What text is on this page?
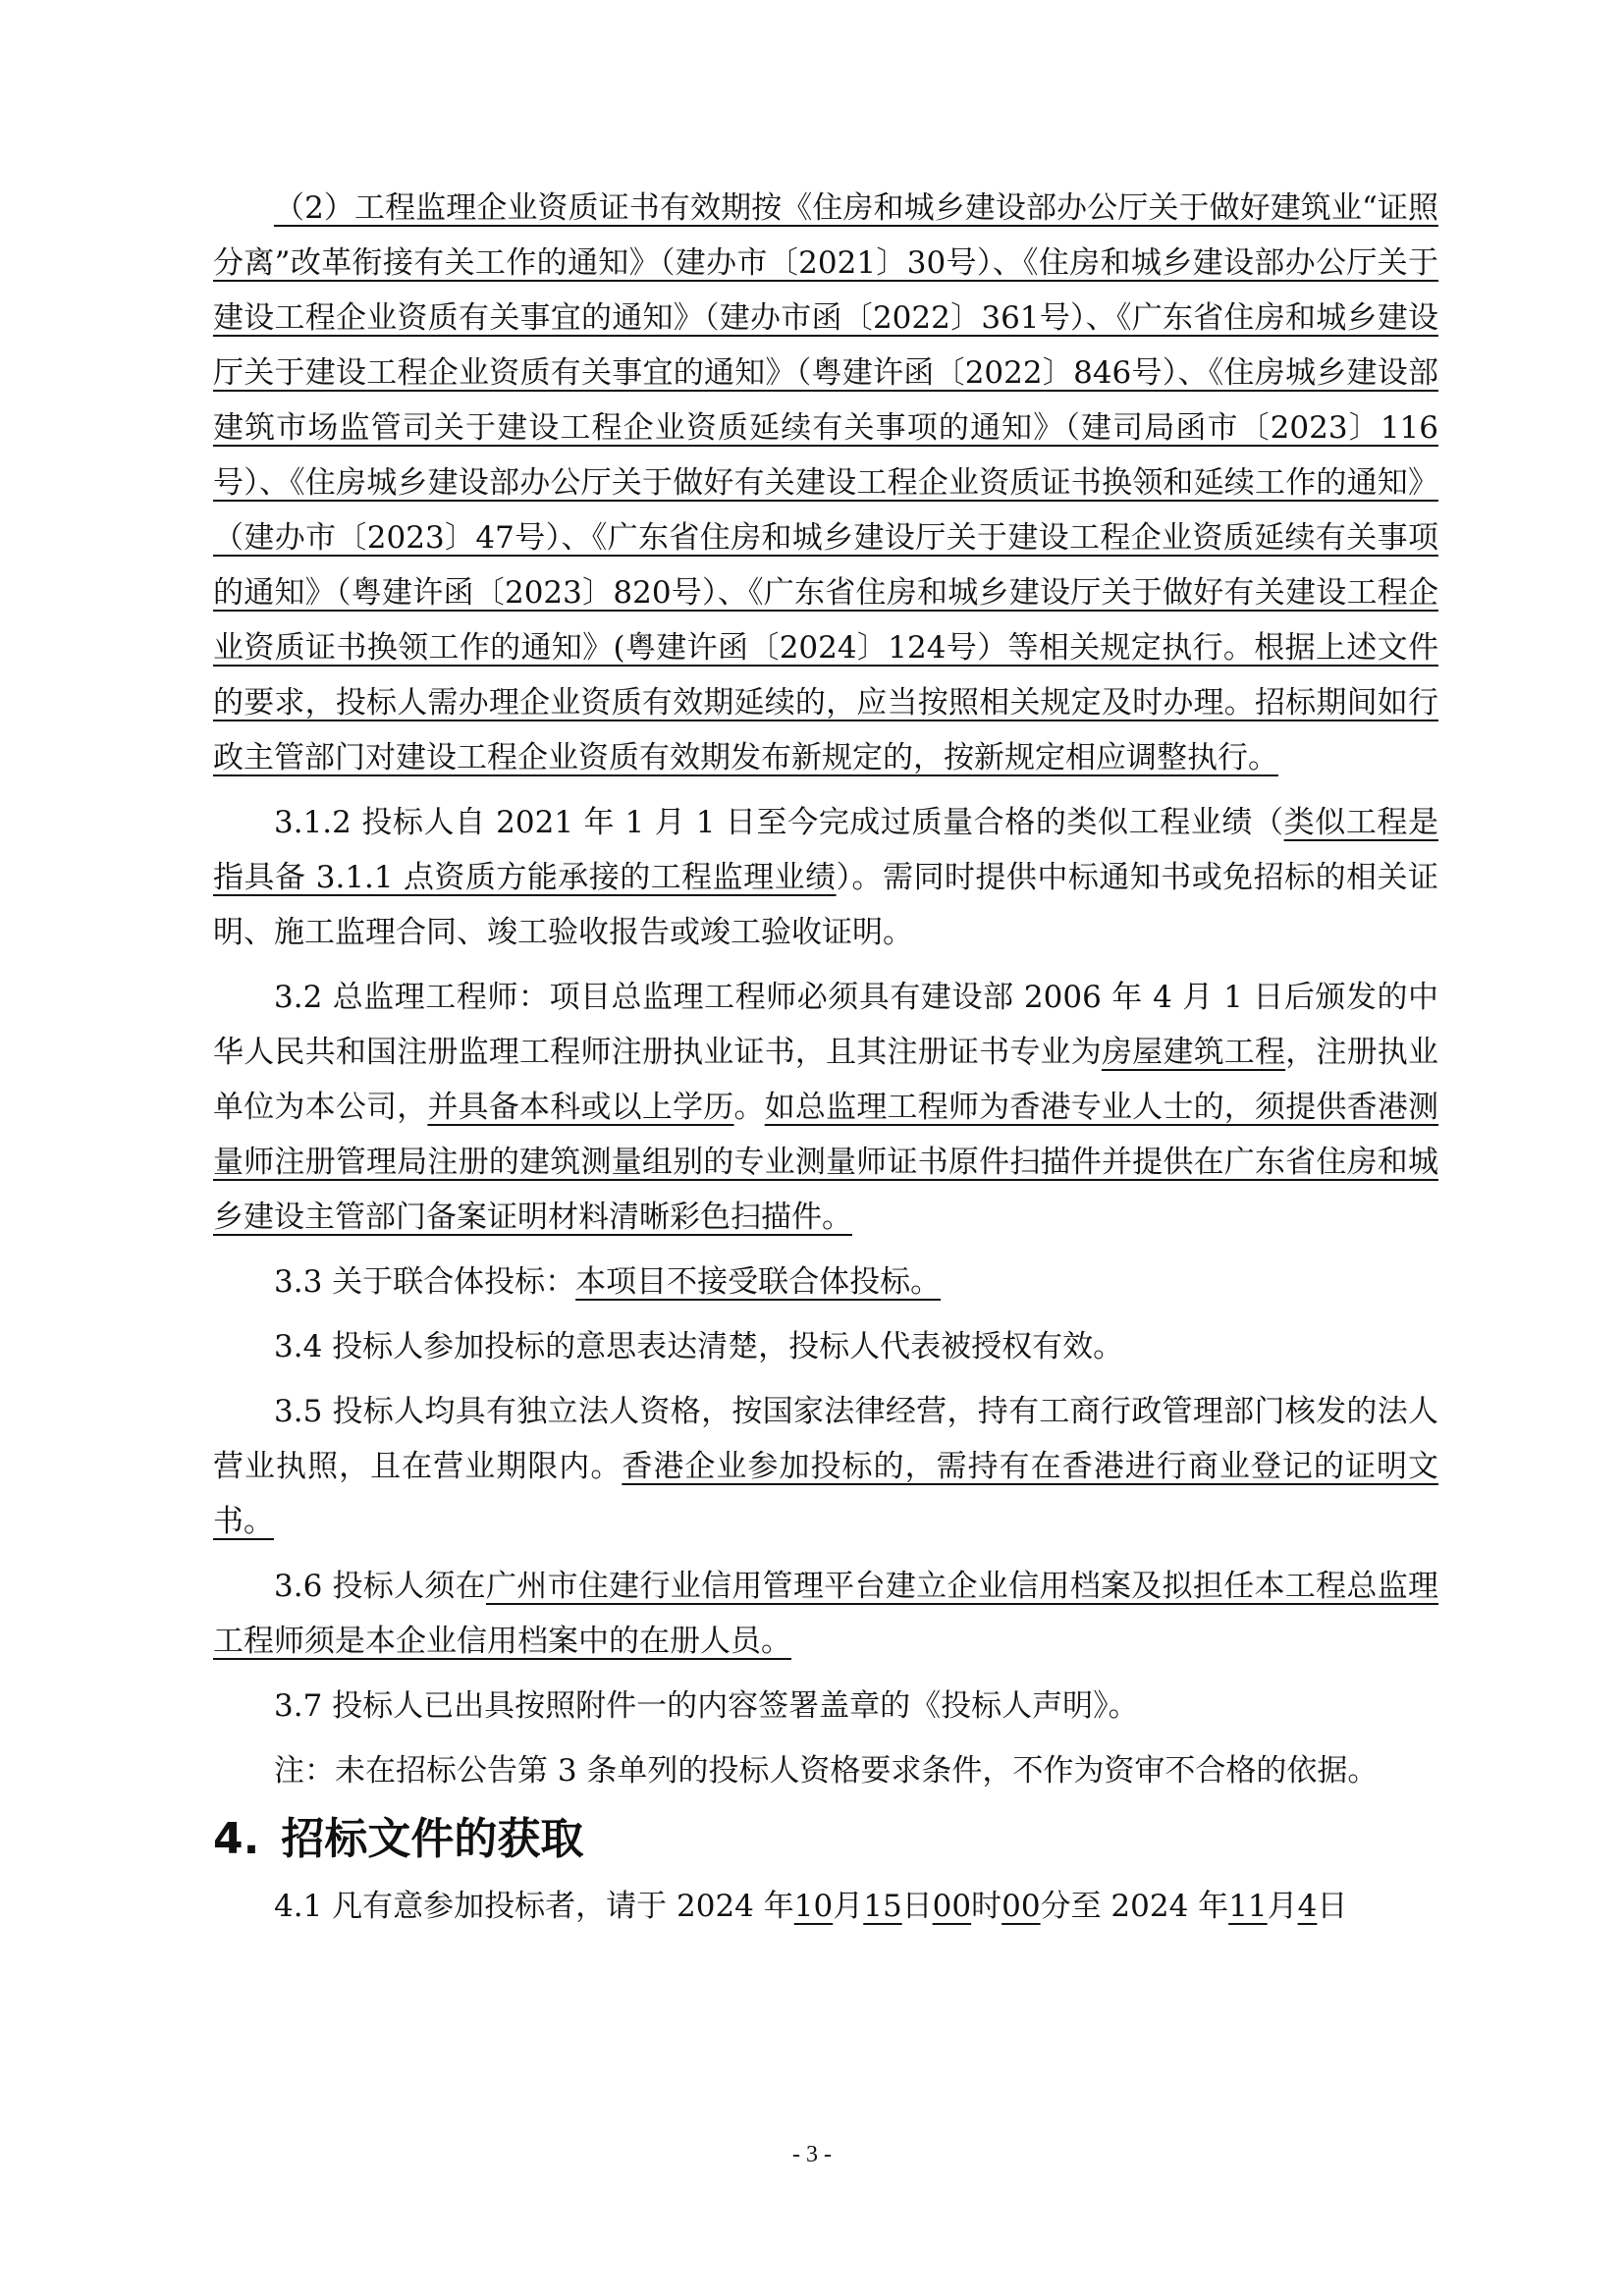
（2）工程监理企业资质证书有效期按《住房和城乡建设部办公厅关于做好建筑业“证照分离”改革衔接有关工作的通知》（建办市〔2021〕30号）、《住房和城乡建设部办公厅关于建设工程企业资质有关事宜的通知》（建办市函〔2022〕361号）、《广东省住房和城乡建设厅关于建设工程企业资质有关事宜的通知》（粤建许函〔2022〕846号）、《住房城乡建设部建筑市场监管司关于建设工程企业资质延续有关事项的通知》（建司局函市〔2023〕116号）、《住房城乡建设部办公厅关于做好有关建设工程企业资质证书换领和延续工作的通知》（建办市〔2023〕47号）、《广东省住房和城乡建设厅关于建设工程企业资质延续有关事项的通知》（粤建许函〔2023〕820号）、《广东省住房和城乡建设厅关于做好有关建设工程企业资质证书换领工作的通知》(粤建许函〔2024〕124号）等相关规定执行。根据上述文件的要求，投标人需办理企业资质有效期延续的，应当按照相关规定及时办理。招标期间如行政主管部门对建设工程企业资质有效期发布新规定的，按新规定相应调整执行。

3.1.2 投标人自 2021 年 1 月 1 日至今完成过质量合格的类似工程业绩（类似工程是指具备 3.1.1 点资质方能承接的工程监理业绩）。需同时提供中标通知书或免招标的相关证明、施工监理合同、竣工验收报告或竣工验收证明。

3.2 总监理工程师：项目总监理工程师必须具有建设部 2006 年 4 月 1 日后颁发的中华人民共和国注册监理工程师注册执业证书，且其注册证书专业为房屋建筑工程，注册执业单位为本公司，并具备本科或以上学历。如总监理工程师为香港专业人士的，须提供香港测量师注册管理局注册的建筑测量组别的专业测量师证书原件扫描件并提供在广东省住房和城乡建设主管部门备案证明材料清晰彩色扫描件。

3.3 关于联合体投标：本项目不接受联合体投标。

3.4 投标人参加投标的意思表达清楚，投标人代表被授权有效。

3.5 投标人均具有独立法人资格，按国家法律经营，持有工商行政管理部门核发的法人营业执照，且在营业期限内。香港企业参加投标的，需持有在香港进行商业登记的证明文书。

3.6 投标人须在广州市住建行业信用管理平台建立企业信用档案及拟担任本工程总监理工程师须是本企业信用档案中的在册人员。

3.7 投标人已出具按照附件一的内容签署盖章的《投标人声明》。

注：未在招标公告第 3 条单列的投标人资格要求条件，不作为资审不合格的依据。

4. 招标文件的获取

4.1 凡有意参加投标者，请于 2024 年10月15日00时00分至 2024 年11月4日

- 3 -
